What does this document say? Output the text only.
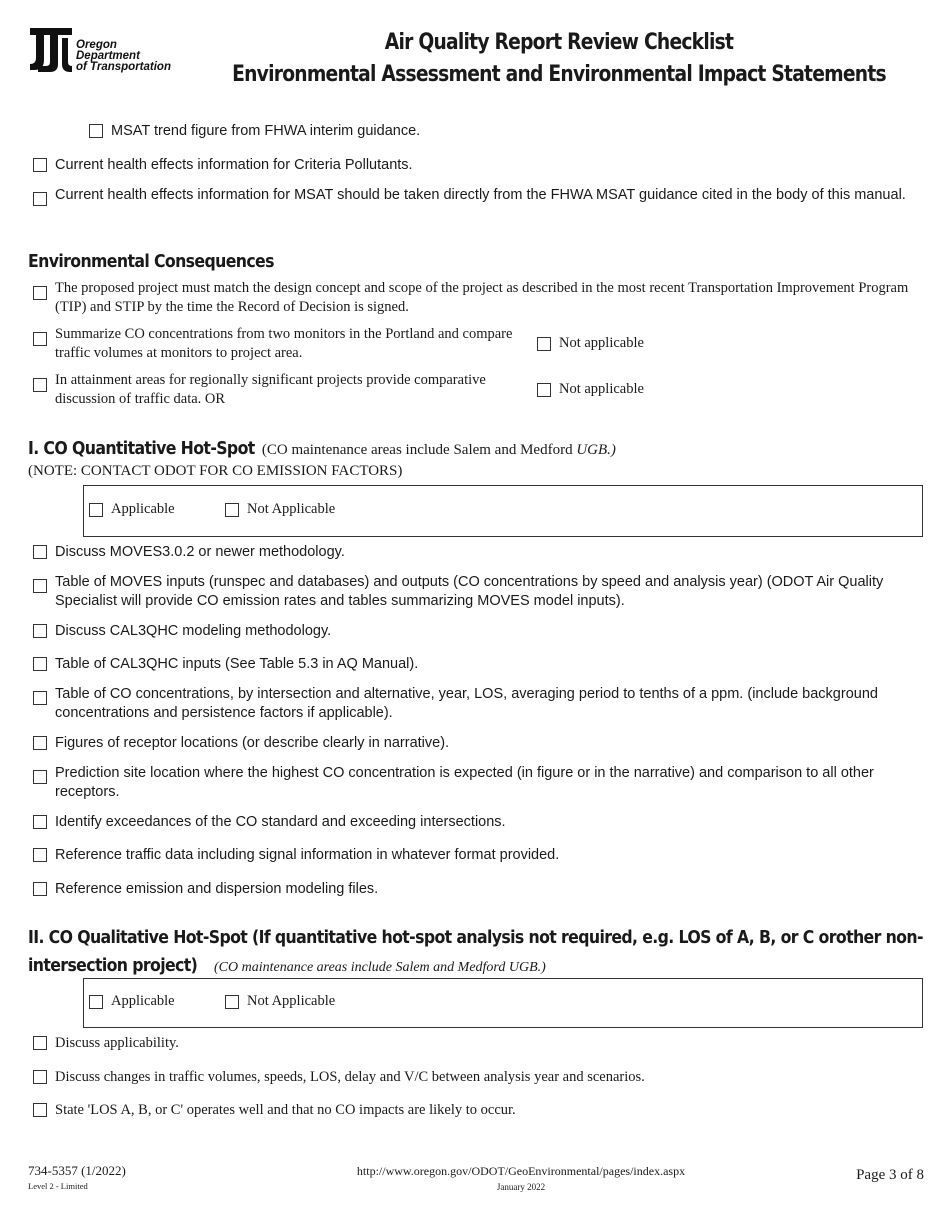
Oregon
Department
of Transportation
Air Quality Report Review Checklist
Environmental Assessment and Environmental Impact Statements
MSAT trend figure from FHWA interim guidance.
Current health effects information for Criteria Pollutants.
Current health effects information for MSAT should be taken directly from the FHWA MSAT guidance cited in the body of this manual.
Environmental Consequences
The proposed project must match the design concept and scope of the project as described in the most recent Transportation Improvement Program (TIP) and STIP by the time the Record of Decision is signed.
Summarize CO concentrations from two monitors in the Portland and compare traffic volumes at monitors to project area.
Not applicable
In attainment areas for regionally significant projects provide comparative discussion of traffic data. OR
Not applicable
I. CO Quantitative Hot-Spot (CO maintenance areas include Salem and Medford UGB.)
(NOTE: CONTACT ODOT FOR CO EMISSION FACTORS)
Applicable	Not Applicable
Discuss MOVES3.0.2 or newer methodology.
Table of MOVES inputs (runspec and databases) and outputs (CO concentrations by speed and analysis year) (ODOT Air Quality Specialist will provide CO emission rates and tables summarizing MOVES model inputs).
Discuss CAL3QHC modeling methodology.
Table of CAL3QHC inputs (See Table 5.3 in AQ Manual).
Table of CO concentrations, by intersection and alternative, year, LOS, averaging period to tenths of a ppm. (include background concentrations and persistence factors if applicable).
Figures of receptor locations (or describe clearly in narrative).
Prediction site location where the highest CO concentration is expected (in figure or in the narrative) and comparison to all other receptors.
Identify exceedances of the CO standard and exceeding intersections.
Reference traffic data including signal information in whatever format provided.
Reference emission and dispersion modeling files.
II. CO Qualitative Hot-Spot (If quantitative hot-spot analysis not required, e.g. LOS of A, B, or C orother non-
intersection project) (CO maintenance areas include Salem and Medford UGB.)
Applicable	Not Applicable
Discuss applicability.
Discuss changes in traffic volumes, speeds, LOS, delay and V/C between analysis year and scenarios.
State 'LOS A, B, or C' operates well and that no CO impacts are likely to occur.
734-5357 (1/2022)
Level 2 - Limited
http://www.oregon.gov/ODOT/GeoEnvironmental/pages/index.aspx
January 2022
Page 3 of 8
